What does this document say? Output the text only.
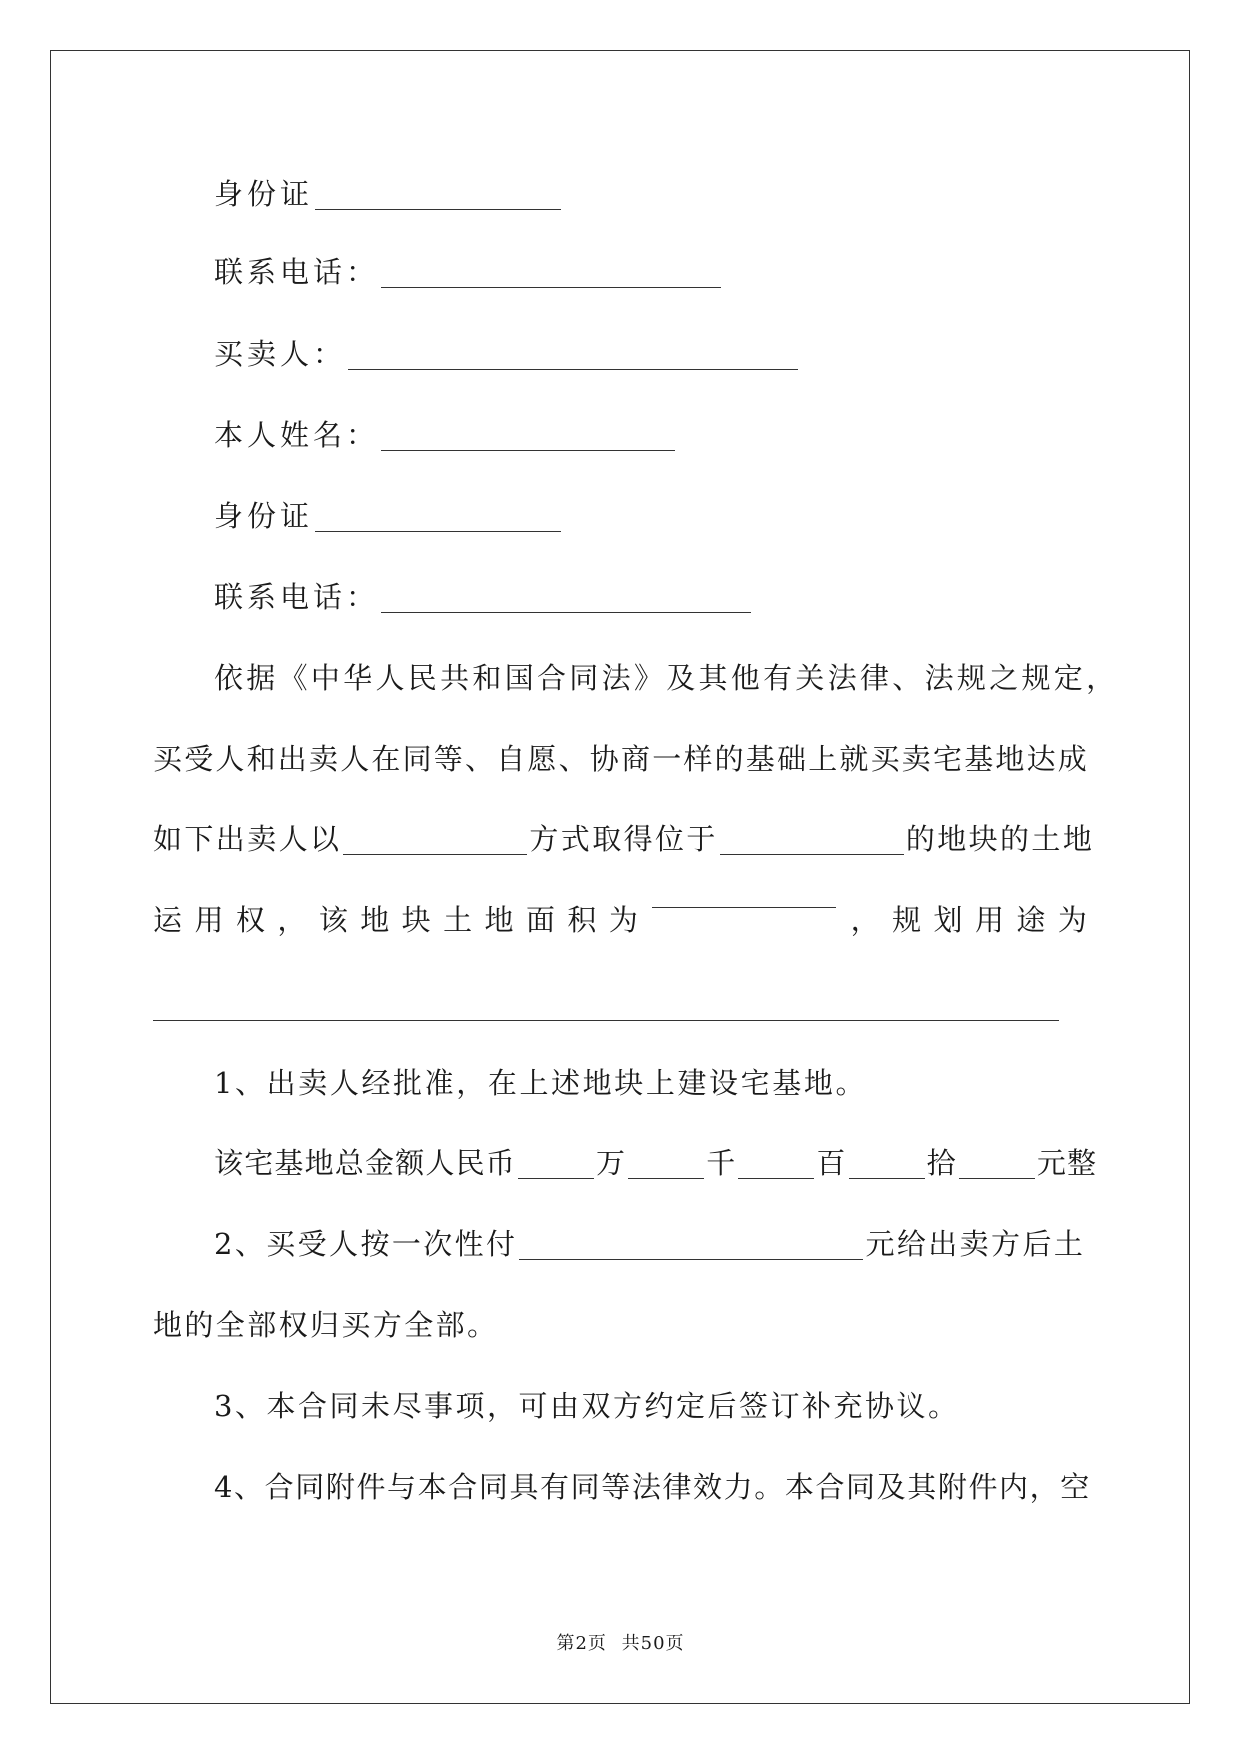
身份证
联系电话：
买卖人：
本人姓名：
身份证
联系电话：
依据《中华人民共和国合同法》及其他有关法律、法规之规定，
买受人和出卖人在同等、自愿、协商一样的基础上就买卖宅基地达成
如下出卖人以	方式取得位于	的地块的土地
运 用 权 ， 该 地 块 土 地 面 积 为	， 规 划 用 途 为
1、出卖人经批准，在上述地块上建设宅基地。
该宅基地总金额人民币	万	千	百	拾	元整
2、买受人按一次性付	元给出卖方后土
地的全部权归买方全部。
3、本合同未尽事项，可由双方约定后签订补充协议。
4、合同附件与本合同具有同等法律效力。本合同及其附件内，空
第2页 共50页
